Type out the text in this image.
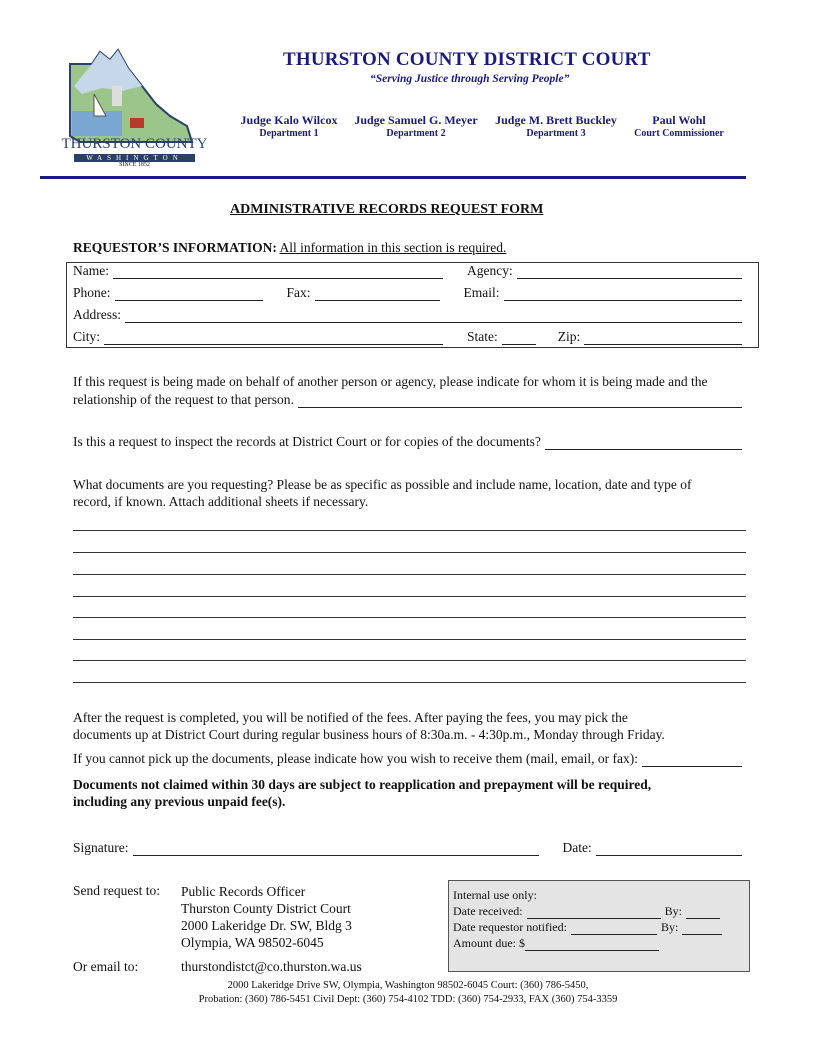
THURSTON COUNTY
WASHINGTON
SINCE 1852
THURSTON COUNTY DISTRICT COURT
“Serving Justice through Serving People”
Judge Kalo Wilcox
Department 1
Judge Samuel G. Meyer
Department 2
Judge M. Brett Buckley
Department 3
Paul Wohl
Court Commissioner
ADMINISTRATIVE RECORDS REQUEST FORM
REQUESTOR’S INFORMATION: All information in this section is required.
Name:	Agency:
Phone:	Fax:	Email:
Address:
City:	State:	Zip:
If this request is being made on behalf of another person or agency, please indicate for whom it is being made and the
relationship of the request to that person.
Is this a request to inspect the records at District Court or for copies of the documents?
What documents are you requesting? Please be as specific as possible and include name, location, date and type of
record, if known. Attach additional sheets if necessary.
After the request is completed, you will be notified of the fees. After paying the fees, you may pick the
documents up at District Court during regular business hours of 8:30a.m. - 4:30p.m., Monday through Friday.
If you cannot pick up the documents, please indicate how you wish to receive them (mail, email, or fax):
Documents not claimed within 30 days are subject to reapplication and prepayment will be required,
including any previous unpaid fee(s).
Signature:	Date:
Send request to: Public Records Officer
Thurston County District Court
2000 Lakeridge Dr. SW, Bldg 3
Olympia, WA 98502-6045
Or email to:	thurstondistct@co.thurston.wa.us
Internal use only:
Date received:	By:
Date requestor notified:	By:
Amount due: $
2000 Lakeridge Drive SW, Olympia, Washington 98502-6045 Court: (360) 786-5450,
Probation: (360) 786-5451 Civil Dept: (360) 754-4102 TDD: (360) 754-2933, FAX (360) 754-3359
